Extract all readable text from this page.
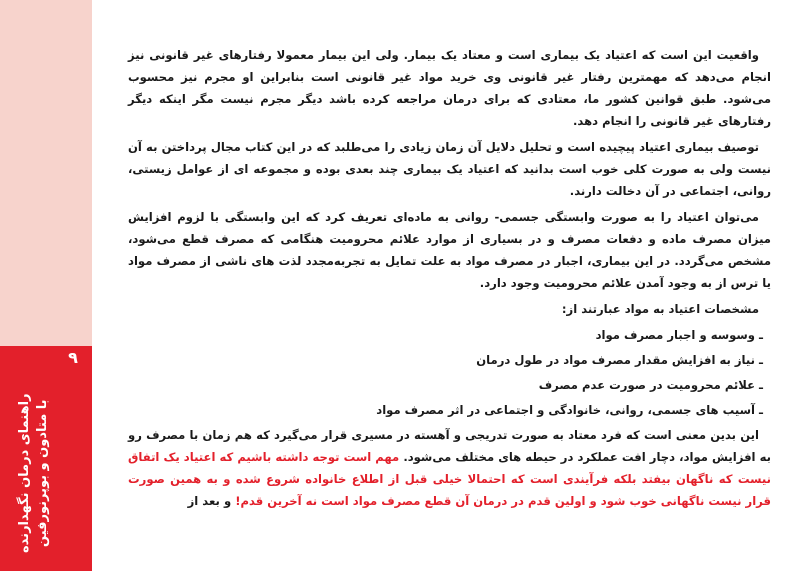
۹
راهنمای درمان نگهدارنده با متادون و بوپرنورفین

واقعیت این است که اعتیاد یک بیماری است و معتاد یک بیمار. ولی این بیمار معمولا رفتارهای غیر قانونی نیز انجام می‌دهد که مهمترین رفتار غیر قانونی وی خرید مواد غیر قانونی است بنابراین او مجرم نیز محسوب می‌شود. طبق قوانین کشور ما، معتادی که برای درمان مراجعه کرده باشد دیگر مجرم نیست مگر اینکه دیگر رفتارهای غیر قانونی را انجام دهد.

توصیف بیماری اعتیاد پیچیده است و تحلیل دلایل آن زمان زیادی را می‌طلبد که در این کتاب مجال پرداختن به آن نیست ولی به صورت کلی خوب است بدانید که اعتیاد یک بیماری چند بعدی بوده و مجموعه ای از عوامل زیستی، روانی، اجتماعی در آن دخالت دارند.

می‌توان اعتیاد را به صورت وابستگی جسمی- روانی به ماده‌ای تعریف کرد که این وابستگی با لزوم افزایش میزان مصرف ماده و دفعات مصرف و در بسیاری از موارد علائم محرومیت هنگامی که مصرف قطع می‌شود، مشخص می‌گردد. در این بیماری، اجبار در مصرف مواد به علت تمایل به تجربه‌مجدد لذت های ناشی از مصرف مواد یا ترس از به وجود آمدن علائم محرومیت وجود دارد.

مشخصات اعتیاد به مواد عبارتند از:

ـ وسوسه و اجبار مصرف مواد

ـ نیاز به افزایش مقدار مصرف مواد در طول درمان

ـ علائم محرومیت در صورت عدم مصرف

ـ آسیب های جسمی، روانی، خانوادگی و اجتماعی در اثر مصرف مواد

این بدین معنی است که فرد معتاد به صورت تدریجی و آهسته در مسیری قرار می‌گیرد که هم زمان با مصرف رو به افزایش مواد، دچار افت عملکرد در حیطه های مختلف می‌شود. مهم است توجه داشته باشیم که اعتیاد یک اتفاق نیست که ناگهان بیفتد بلکه فرآیندی است که احتمالا خیلی قبل از اطلاع خانواده شروع شده و به همین صورت قرار نیست ناگهانی خوب شود و اولین قدم در درمان آن قطع مصرف مواد است نه آخرین قدم! و بعد از
